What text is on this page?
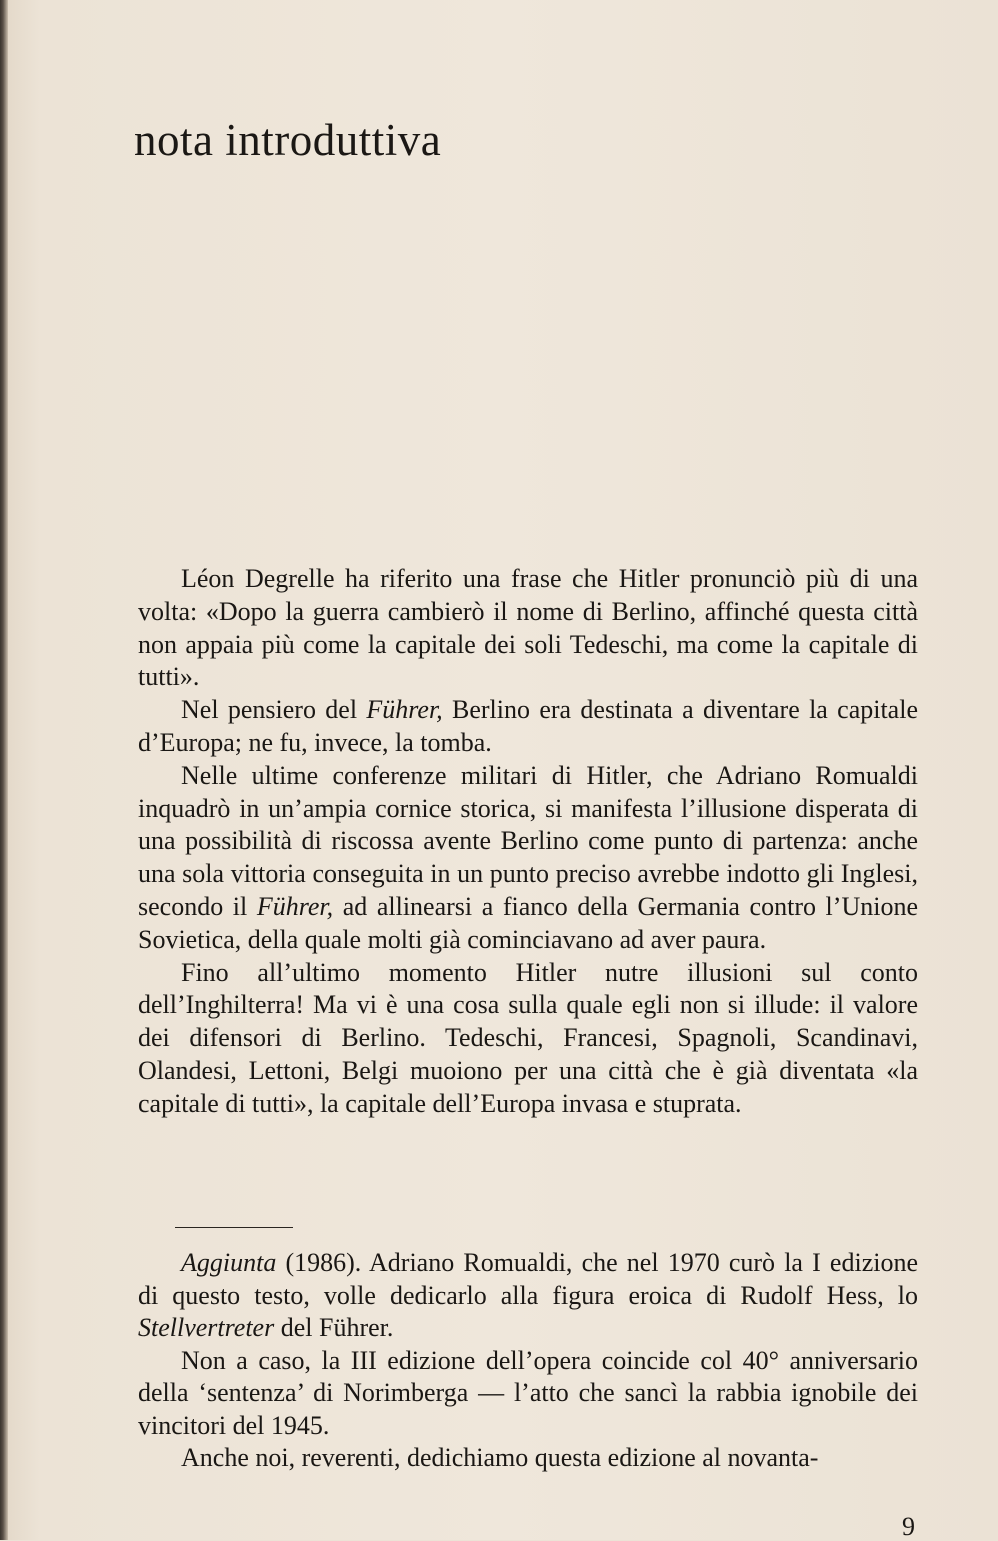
nota introduttiva

Léon Degrelle ha riferito una frase che Hitler pronunciò più di una volta: «Dopo la guerra cambierò il nome di Berlino, affinché questa città non appaia più come la capitale dei soli Tedeschi, ma come la capitale di tutti».

Nel pensiero del Führer, Berlino era destinata a diventare la capitale d’Europa; ne fu, invece, la tomba.

Nelle ultime conferenze militari di Hitler, che Adriano Romualdi inquadrò in un’ampia cornice storica, si manifesta l’illusione disperata di una possibilità di riscossa avente Berlino come punto di partenza: anche una sola vittoria conseguita in un punto preciso avrebbe indotto gli Inglesi, secondo il Führer, ad allinearsi a fianco della Germania contro l’Unione Sovietica, della quale molti già cominciavano ad aver paura.

Fino all’ultimo momento Hitler nutre illusioni sul conto dell’Inghilterra! Ma vi è una cosa sulla quale egli non si illude: il valore dei difensori di Berlino. Tedeschi, Francesi, Spagnoli, Scandinavi, Olandesi, Lettoni, Belgi muoiono per una città che è già diventata «la capitale di tutti», la capitale dell’Europa invasa e stuprata.

Aggiunta (1986). Adriano Romualdi, che nel 1970 curò la I edizione di questo testo, volle dedicarlo alla figura eroica di Rudolf Hess, lo Stellvertreter del Führer.

Non a caso, la III edizione dell’opera coincide col 40° anniversario della ‘sentenza’ di Norimberga — l’atto che sancì la rabbia ignobile dei vincitori del 1945.

Anche noi, reverenti, dedichiamo questa edizione al novanta-

9
